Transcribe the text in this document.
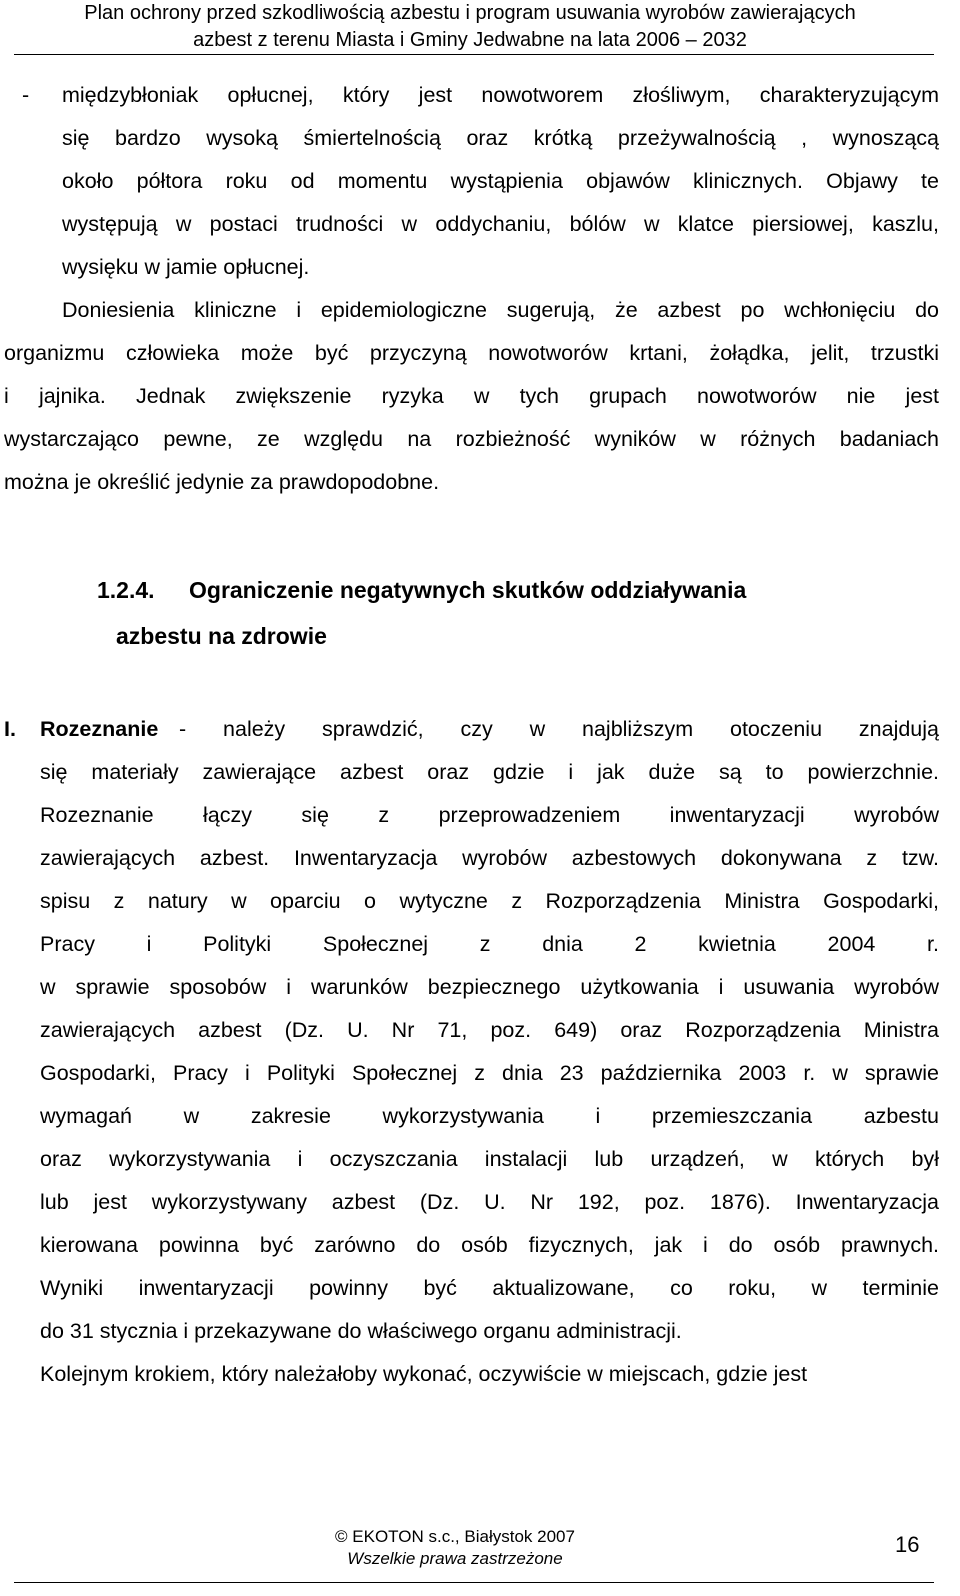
Plan ochrony przed szkodliwością azbestu i program usuwania wyrobów zawierających
azbest z terenu Miasta i Gminy Jedwabne na lata 2006 – 2032
- międzybłoniak opłucnej, który jest nowotworem złośliwym, charakteryzującym
się bardzo wysoką śmiertelnością oraz krótką przeżywalnością , wynoszącą
około półtora roku od momentu wystąpienia objawów klinicznych. Objawy te
występują w postaci trudności w oddychaniu, bólów w klatce piersiowej, kaszlu,
wysięku w jamie opłucnej.
Doniesienia kliniczne i epidemiologiczne sugerują, że azbest po wchłonięciu do
organizmu człowieka może być przyczyną nowotworów krtani, żołądka, jelit, trzustki
i jajnika. Jednak zwiększenie ryzyka w tych grupach nowotworów nie jest
wystarczająco pewne, ze względu na rozbieżność wyników w różnych badaniach
można je określić jedynie za prawdopodobne.
1.2.4. Ograniczenie negatywnych skutków oddziaływania
azbestu na zdrowie
I. Rozeznanie - należy sprawdzić, czy w najbliższym otoczeniu znajdują
się materiały zawierające azbest oraz gdzie i jak duże są to powierzchnie.
Rozeznanie łączy się z przeprowadzeniem inwentaryzacji wyrobów
zawierających azbest. Inwentaryzacja wyrobów azbestowych dokonywana z tzw.
spisu z natury w oparciu o wytyczne z Rozporządzenia Ministra Gospodarki,
Pracy i Polityki Społecznej z dnia 2 kwietnia 2004 r.
w sprawie sposobów i warunków bezpiecznego użytkowania i usuwania wyrobów
zawierających azbest (Dz. U. Nr 71, poz. 649) oraz Rozporządzenia Ministra
Gospodarki, Pracy i Polityki Społecznej z dnia 23 października 2003 r. w sprawie
wymagań w zakresie wykorzystywania i przemieszczania azbestu
oraz wykorzystywania i oczyszczania instalacji lub urządzeń, w których był
lub jest wykorzystywany azbest (Dz. U. Nr 192, poz. 1876). Inwentaryzacja
kierowana powinna być zarówno do osób fizycznych, jak i do osób prawnych.
Wyniki inwentaryzacji powinny być aktualizowane, co roku, w terminie
do 31 stycznia i przekazywane do właściwego organu administracji.
Kolejnym krokiem, który należałoby wykonać, oczywiście w miejscach, gdzie jest
© EKOTON s.c., Białystok 2007
Wszelkie prawa zastrzeżone
16
